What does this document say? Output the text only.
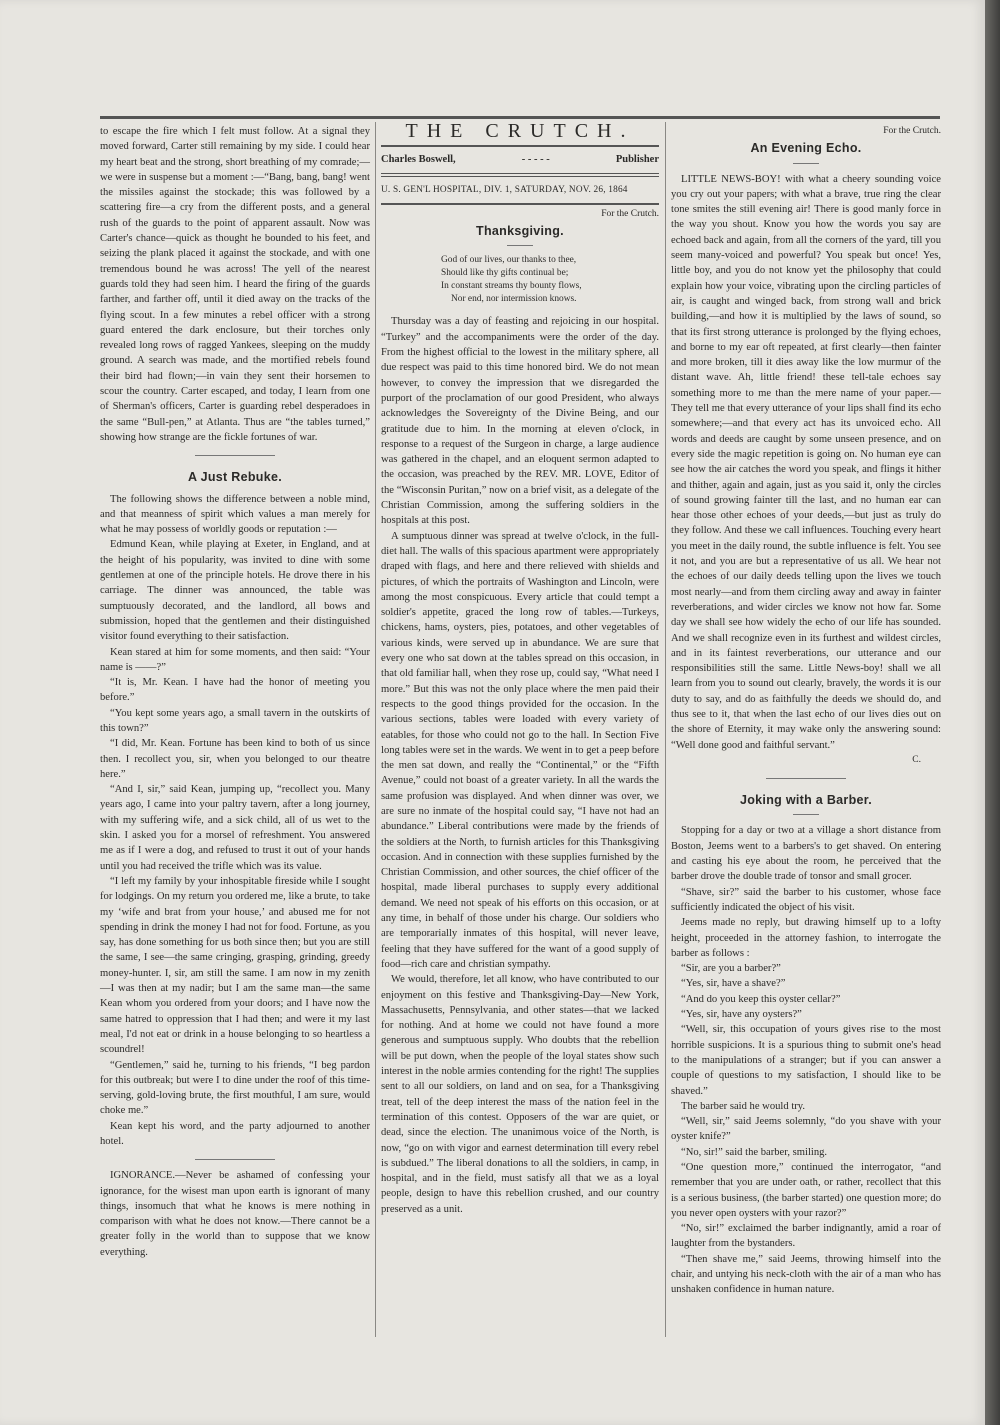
to escape the fire which I felt must follow. At a signal they moved forward, Carter still remaining by my side. I could hear my heart beat and the strong, short breathing of my comrade;—we were in suspense but a moment :—“Bang, bang, bang! went the missiles against the stockade; this was followed by a scattering fire—a cry from the different posts, and a general rush of the guards to the point of apparent assault. Now was Carter's chance—quick as thought he bounded to his feet, and seizing the plank placed it against the stockade, and with one tremendous bound he was across! The yell of the nearest guards told they had seen him. I heard the firing of the guards farther, and farther off, until it died away on the tracks of the flying scout. In a few minutes a rebel officer with a strong guard entered the dark enclosure, but their torches only revealed long rows of ragged Yankees, sleeping on the muddy ground. A search was made, and the mortified rebels found their bird had flown;—in vain they sent their horsemen to scour the country. Carter escaped, and today, I learn from one of Sherman's officers, Carter is guarding rebel desperadoes in the same “Bull-pen,” at Atlanta. Thus are “the tables turned,” showing how strange are the fickle fortunes of war.

A Just Rebuke.

The following shows the difference between a noble mind, and that meanness of spirit which values a man merely for what he may possess of worldly goods or reputation :—

Edmund Kean, while playing at Exeter, in England, and at the height of his popularity, was invited to dine with some gentlemen at one of the principle hotels. He drove there in his carriage. The dinner was announced, the table was sumptuously decorated, and the landlord, all bows and submission, hoped that the gentlemen and their distinguished visitor found everything to their satisfaction.

Kean stared at him for some moments, and then said: “Your name is ——?”

“It is, Mr. Kean. I have had the honor of meeting you before.”

“You kept some years ago, a small tavern in the outskirts of this town?”

“I did, Mr. Kean. Fortune has been kind to both of us since then. I recollect you, sir, when you belonged to our theatre here.”

“And I, sir,” said Kean, jumping up, “recollect you. Many years ago, I came into your paltry tavern, after a long journey, with my suffering wife, and a sick child, all of us wet to the skin. I asked you for a morsel of refreshment. You answered me as if I were a dog, and refused to trust it out of your hands until you had received the trifle which was its value.

“I left my family by your inhospitable fireside while I sought for lodgings. On my return you ordered me, like a brute, to take my ‘wife and brat from your house,’ and abused me for not spending in drink the money I had not for food. Fortune, as you say, has done something for us both since then; but you are still the same, I see—the same cringing, grasping, grinding, greedy money-hunter. I, sir, am still the same. I am now in my zenith—I was then at my nadir; but I am the same man—the same Kean whom you ordered from your doors; and I have now the same hatred to oppression that I had then; and were it my last meal, I'd not eat or drink in a house belonging to so heartless a scoundrel!

“Gentlemen,” said he, turning to his friends, “I beg pardon for this outbreak; but were I to dine under the roof of this time-serving, gold-loving brute, the first mouthful, I am sure, would choke me.”

Kean kept his word, and the party adjourned to another hotel.

IGNORANCE.—Never be ashamed of confessing your ignorance, for the wisest man upon earth is ignorant of many things, insomuch that what he knows is mere nothing in comparison with what he does not know.—There cannot be a greater folly in the world than to suppose that we know everything.

THE CRUTCH.
Charles Boswell,	- - - - -	Publisher
U. S. GEN'L HOSPITAL, DIV. 1, SATURDAY, NOV. 26, 1864

For the Crutch.

Thanksgiving.
God of our lives, our thanks to thee,
Should like thy gifts continual be;
In constant streams thy bounty flows,
Nor end, nor intermission knows.

Thursday was a day of feasting and rejoicing in our hospital. “Turkey” and the accompaniments were the order of the day. From the highest official to the lowest in the military sphere, all due respect was paid to this time honored bird. We do not mean however, to convey the impression that we disregarded the purport of the proclamation of our good President, who always acknowledges the Sovereignty of the Divine Being, and our gratitude due to him. In the morning at eleven o'clock, in response to a request of the Surgeon in charge, a large audience was gathered in the chapel, and an eloquent sermon adapted to the occasion, was preached by the REV. MR. LOVE, Editor of the “Wisconsin Puritan,” now on a brief visit, as a delegate of the Christian Commission, among the suffering soldiers in the hospitals at this post.

A sumptuous dinner was spread at twelve o'clock, in the full-diet hall. The walls of this spacious apartment were appropriately draped with flags, and here and there relieved with shields and pictures, of which the portraits of Washington and Lincoln, were among the most conspicuous. Every article that could tempt a soldier's appetite, graced the long row of tables.—Turkeys, chickens, hams, oysters, pies, potatoes, and other vegetables of various kinds, were served up in abundance. We are sure that every one who sat down at the tables spread on this occasion, in that old familiar hall, when they rose up, could say, “What need I more.” But this was not the only place where the men paid their respects to the good things provided for the occasion. In the various sections, tables were loaded with every variety of eatables, for those who could not go to the hall. In Section Five long tables were set in the wards. We went in to get a peep before the men sat down, and really the “Continental,” or the “Fifth Avenue,” could not boast of a greater variety. In all the wards the same profusion was displayed. And when dinner was over, we are sure no inmate of the hospital could say, “I have not had an abundance.” Liberal contributions were made by the friends of the soldiers at the North, to furnish articles for this Thanksgiving occasion. And in connection with these supplies furnished by the Christian Commission, and other sources, the chief officer of the hospital, made liberal purchases to supply every additional demand. We need not speak of his efforts on this occasion, or at any time, in behalf of those under his charge. Our soldiers who are temporarially inmates of this hospital, will never leave, feeling that they have suffered for the want of a good supply of food—rich care and christian sympathy.

We would, therefore, let all know, who have contributed to our enjoyment on this festive and Thanksgiving-Day—New York, Massachusetts, Pennsylvania, and other states—that we lacked for nothing. And at home we could not have found a more generous and sumptuous supply. Who doubts that the rebellion will be put down, when the people of the loyal states show such interest in the noble armies contending for the right! The supplies sent to all our soldiers, on land and on sea, for a Thanksgiving treat, tell of the deep interest the mass of the nation feel in the termination of this contest. Opposers of the war are quiet, or dead, since the election. The unanimous voice of the North, is now, “go on with vigor and earnest determination till every rebel is subdued.” The liberal donations to all the soldiers, in camp, in hospital, and in the field, must satisfy all that we as a loyal people, design to have this rebellion crushed, and our country preserved as a unit.

For the Crutch.

An Evening Echo.

LITTLE NEWS-BOY! with what a cheery sounding voice you cry out your papers; with what a brave, true ring the clear tone smites the still evening air! There is good manly force in the way you shout. Know you how the words you say are echoed back and again, from all the corners of the yard, till you seem many-voiced and powerful? You speak but once! Yes, little boy, and you do not know yet the philosophy that could explain how your voice, vibrating upon the circling particles of air, is caught and winged back, from strong wall and brick building,—and how it is multiplied by the laws of sound, so that its first strong utterance is prolonged by the flying echoes, and borne to my ear oft repeated, at first clearly—then fainter and more broken, till it dies away like the low murmur of the distant wave. Ah, little friend! these tell-tale echoes say something more to me than the mere name of your paper.—They tell me that every utterance of your lips shall find its echo somewhere;—and that every act has its unvoiced echo. All words and deeds are caught by some unseen presence, and on every side the magic repetition is going on. No human eye can see how the air catches the word you speak, and flings it hither and thither, again and again, just as you said it, only the circles of sound growing fainter till the last, and no human ear can hear those other echoes of your deeds,—but just as truly do they follow. And these we call influences. Touching every heart you meet in the daily round, the subtle influence is felt. You see it not, and you are but a representative of us all. We hear not the echoes of our daily deeds telling upon the lives we touch most nearly—and from them circling away and away in fainter reverberations, and wider circles we know not how far. Some day we shall see how widely the echo of our life has sounded. And we shall recognize even in its furthest and wildest circles, and in its faintest reverberations, our utterance and our responsibilities still the same. Little News-boy! shall we all learn from you to sound out clearly, bravely, the words it is our duty to say, and do as faithfully the deeds we should do, and thus see to it, that when the last echo of our lives dies out on the shore of Eternity, it may wake only the answering sound: “Well done good and faithful servant.”

C.

Joking with a Barber.

Stopping for a day or two at a village a short distance from Boston, Jeems went to a barbers's to get shaved. On entering and casting his eye about the room, he perceived that the barber drove the double trade of tonsor and small grocer.

“Shave, sir?” said the barber to his customer, whose face sufficiently indicated the object of his visit.

Jeems made no reply, but drawing himself up to a lofty height, proceeded in the attorney fashion, to interrogate the barber as follows :

“Sir, are you a barber?”

“Yes, sir, have a shave?”

“And do you keep this oyster cellar?”

“Yes, sir, have any oysters?”

“Well, sir, this occupation of yours gives rise to the most horrible suspicions. It is a spurious thing to submit one's head to the manipulations of a stranger; but if you can answer a couple of questions to my satisfaction, I should like to be shaved.”

The barber said he would try.

“Well, sir,” said Jeems solemnly, “do you shave with your oyster knife?”

“No, sir!” said the barber, smiling.

“One question more,” continued the interrogator, “and remember that you are under oath, or rather, recollect that this is a serious business, (the barber started) one question more; do you never open oysters with your razor?”

“No, sir!” exclaimed the barber indignantly, amid a roar of laughter from the bystanders.

“Then shave me,” said Jeems, throwing himself into the chair, and untying his neck-cloth with the air of a man who has unshaken confidence in human nature.
